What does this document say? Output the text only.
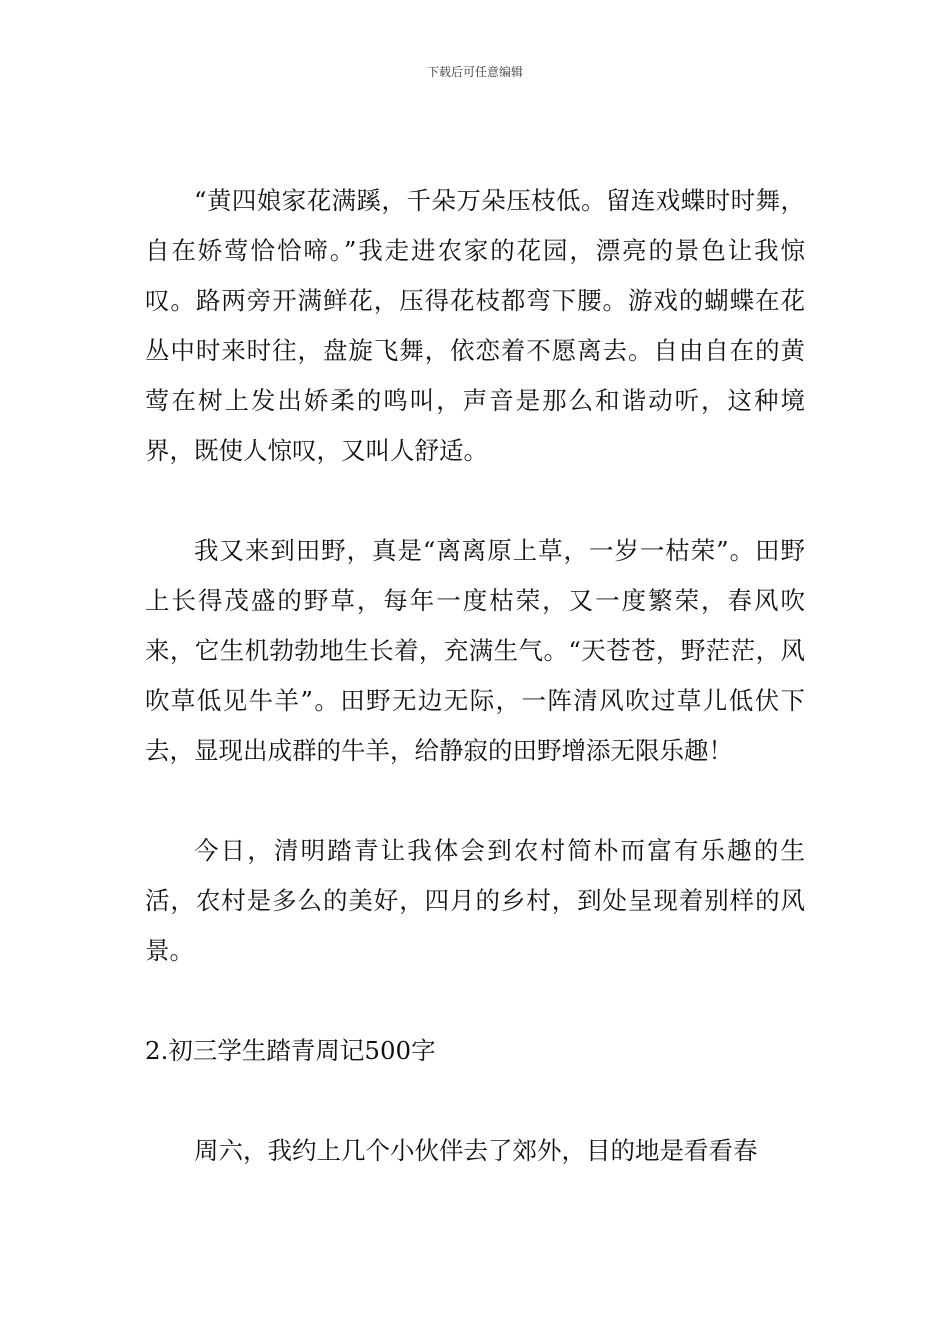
下载后可任意编辑

“黄四娘家花满蹊，千朵万朵压枝低。留连戏蝶时时舞，自在娇莺恰恰啼。”我走进农家的花园，漂亮的景色让我惊叹。路两旁开满鲜花，压得花枝都弯下腰。游戏的蝴蝶在花丛中时来时往，盘旋飞舞，依恋着不愿离去。自由自在的黄莺在树上发出娇柔的鸣叫，声音是那么和谐动听，这种境界，既使人惊叹，又叫人舒适。

我又来到田野，真是“离离原上草，一岁一枯荣”。田野上长得茂盛的野草，每年一度枯荣，又一度繁荣，春风吹来，它生机勃勃地生长着，充满生气。“天苍苍，野茫茫，风吹草低见牛羊”。田野无边无际，一阵清风吹过草儿低伏下去，显现出成群的牛羊，给静寂的田野增添无限乐趣！

今日，清明踏青让我体会到农村简朴而富有乐趣的生活，农村是多么的美好，四月的乡村，到处呈现着别样的风景。

2.初三学生踏青周记500字

周六，我约上几个小伙伴去了郊外，目的地是看看春
